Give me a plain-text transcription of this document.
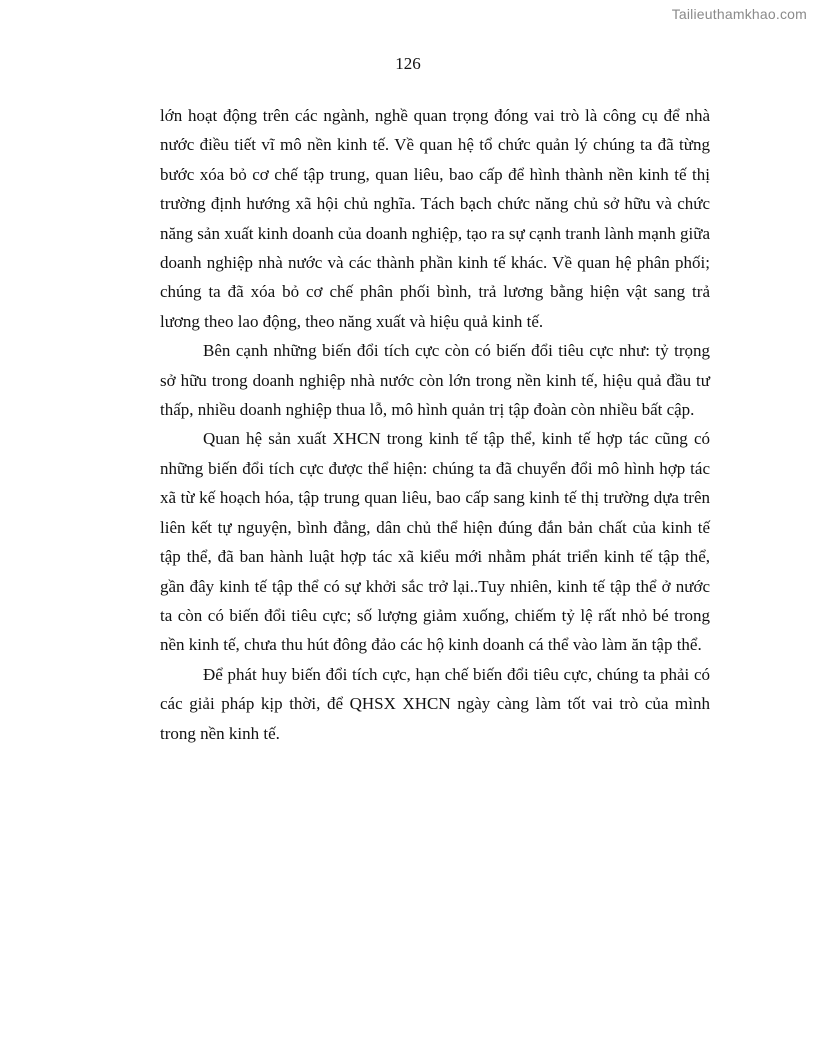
Tailieuthamkhao.com
126

lớn hoạt động trên các ngành, nghề quan trọng đóng vai trò là công cụ để nhà nước điều tiết vĩ mô nền kinh tế. Về quan hệ tổ chức quản lý chúng ta đã từng bước xóa bỏ cơ chế tập trung, quan liêu, bao cấp để hình thành nền kinh tế thị trường định hướng xã hội chủ nghĩa. Tách bạch chức năng chủ sở hữu và chức năng sản xuất kinh doanh của doanh nghiệp, tạo ra sự cạnh tranh lành mạnh giữa doanh nghiệp nhà nước và các thành phần kinh tế khác. Về quan hệ phân phối; chúng ta đã xóa bỏ cơ chế phân phối bình, trả lương bằng hiện vật sang trả lương theo lao động, theo năng xuất và hiệu quả kinh tế.

Bên cạnh những biến đổi tích cực còn có biến đổi tiêu cực như: tỷ trọng sở hữu trong doanh nghiệp nhà nước còn lớn trong nền kinh tế, hiệu quả đầu tư thấp, nhiều doanh nghiệp thua lỗ, mô hình quản trị tập đoàn còn nhiều bất cập.

Quan hệ sản xuất XHCN trong kinh tế tập thể, kinh tế hợp tác cũng có những biến đổi tích cực được thể hiện: chúng ta đã chuyển đổi mô hình hợp tác xã từ kế hoạch hóa, tập trung quan liêu, bao cấp sang kinh tế thị trường dựa trên liên kết tự nguyện, bình đẳng, dân chủ thể hiện đúng đắn bản chất của kinh tế tập thể, đã ban hành luật hợp tác xã kiểu mới nhằm phát triển kinh tế tập thể, gần đây kinh tế tập thể có sự khởi sắc trở lại..Tuy nhiên, kinh tế tập thể ở nước ta còn có biến đổi tiêu cực; số lượng giảm xuống, chiếm tỷ lệ rất nhỏ bé trong nền kinh tế, chưa thu hút đông đảo các hộ kinh doanh cá thể vào làm ăn tập thể.

Để phát huy biến đổi tích cực, hạn chế biến đổi tiêu cực, chúng ta phải có các giải pháp kịp thời, để QHSX XHCN ngày càng làm tốt vai trò của mình trong nền kinh tế.
